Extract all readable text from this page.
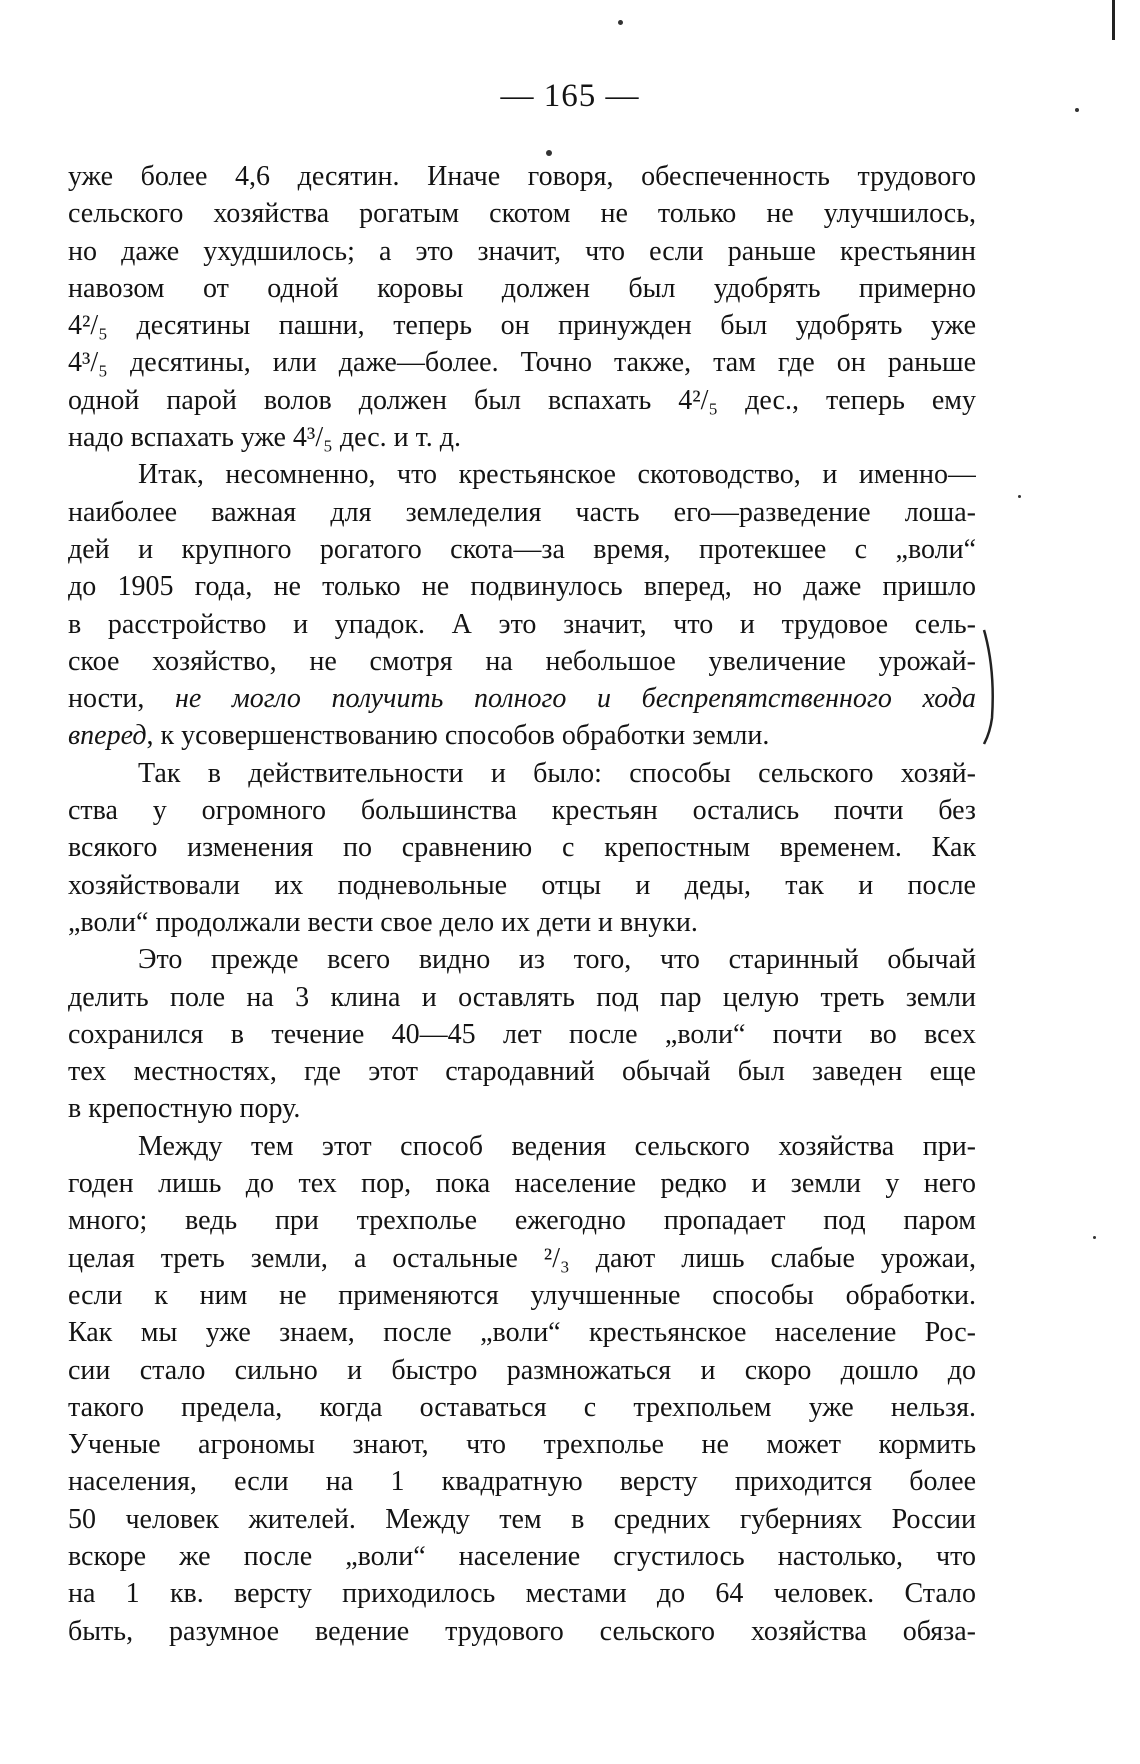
— 165 —
уже более 4,6 десятин. Иначе говоря, обеспеченность трудового
сельского хозяйства рогатым скотом не только не улучшилось,
но даже ухудшилось; а это значит, что если раньше крестьянин
навозом от одной коровы должен был удобрять примерно
4²/₅ десятины пашни, теперь он принужден был удобрять уже
4³/₅ десятины, или даже—более. Точно также, там где он раньше
одной парой волов должен был вспахать 4²/₅ дес., теперь ему
надо вспахать уже 4³/₅ дес. и т. д.
Итак, несомненно, что крестьянское скотоводство, и именно—
наиболее важная для земледелия часть его—разведение лоша-
дей и крупного рогатого скота—за время, протекшее с „воли“
до 1905 года, не только не подвинулось вперед, но даже пришло
в расстройство и упадок. А это значит, что и трудовое сель-
ское хозяйство, не смотря на небольшое увеличение урожай-
ности, не могло получить полного и беспрепятственного хода
вперед, к усовершенствованию способов обработки земли.
Так в действительности и было: способы сельского хозяй-
ства у огромного большинства крестьян остались почти без
всякого изменения по сравнению с крепостным временем. Как
хозяйствовали их подневольные отцы и деды, так и после
„воли“ продолжали вести свое дело их дети и внуки.
Это прежде всего видно из того, что старинный обычай
делить поле на 3 клина и оставлять под пар целую треть земли
сохранился в течение 40—45 лет после „воли“ почти во всех
тех местностях, где этот стародавний обычай был заведен еще
в крепостную пору.
Между тем этот способ ведения сельского хозяйства при-
годен лишь до тех пор, пока население редко и земли у него
много; ведь при трехполье ежегодно пропадает под паром
целая треть земли, а остальные ²/₃ дают лишь слабые урожаи,
если к ним не применяются улучшенные способы обработки.
Как мы уже знаем, после „воли“ крестьянское население Рос-
сии стало сильно и быстро размножаться и скоро дошло до
такого предела, когда оставаться с трехпольем уже нельзя.
Ученые агрономы знают, что трехполье не может кормить
населения, если на 1 квадратную версту приходится более
50 человек жителей. Между тем в средних губерниях России
вскоре же после „воли“ население сгустилось настолько, что
на 1 кв. версту приходилось местами до 64 человек. Стало
быть, разумное ведение трудового сельского хозяйства обяза-
